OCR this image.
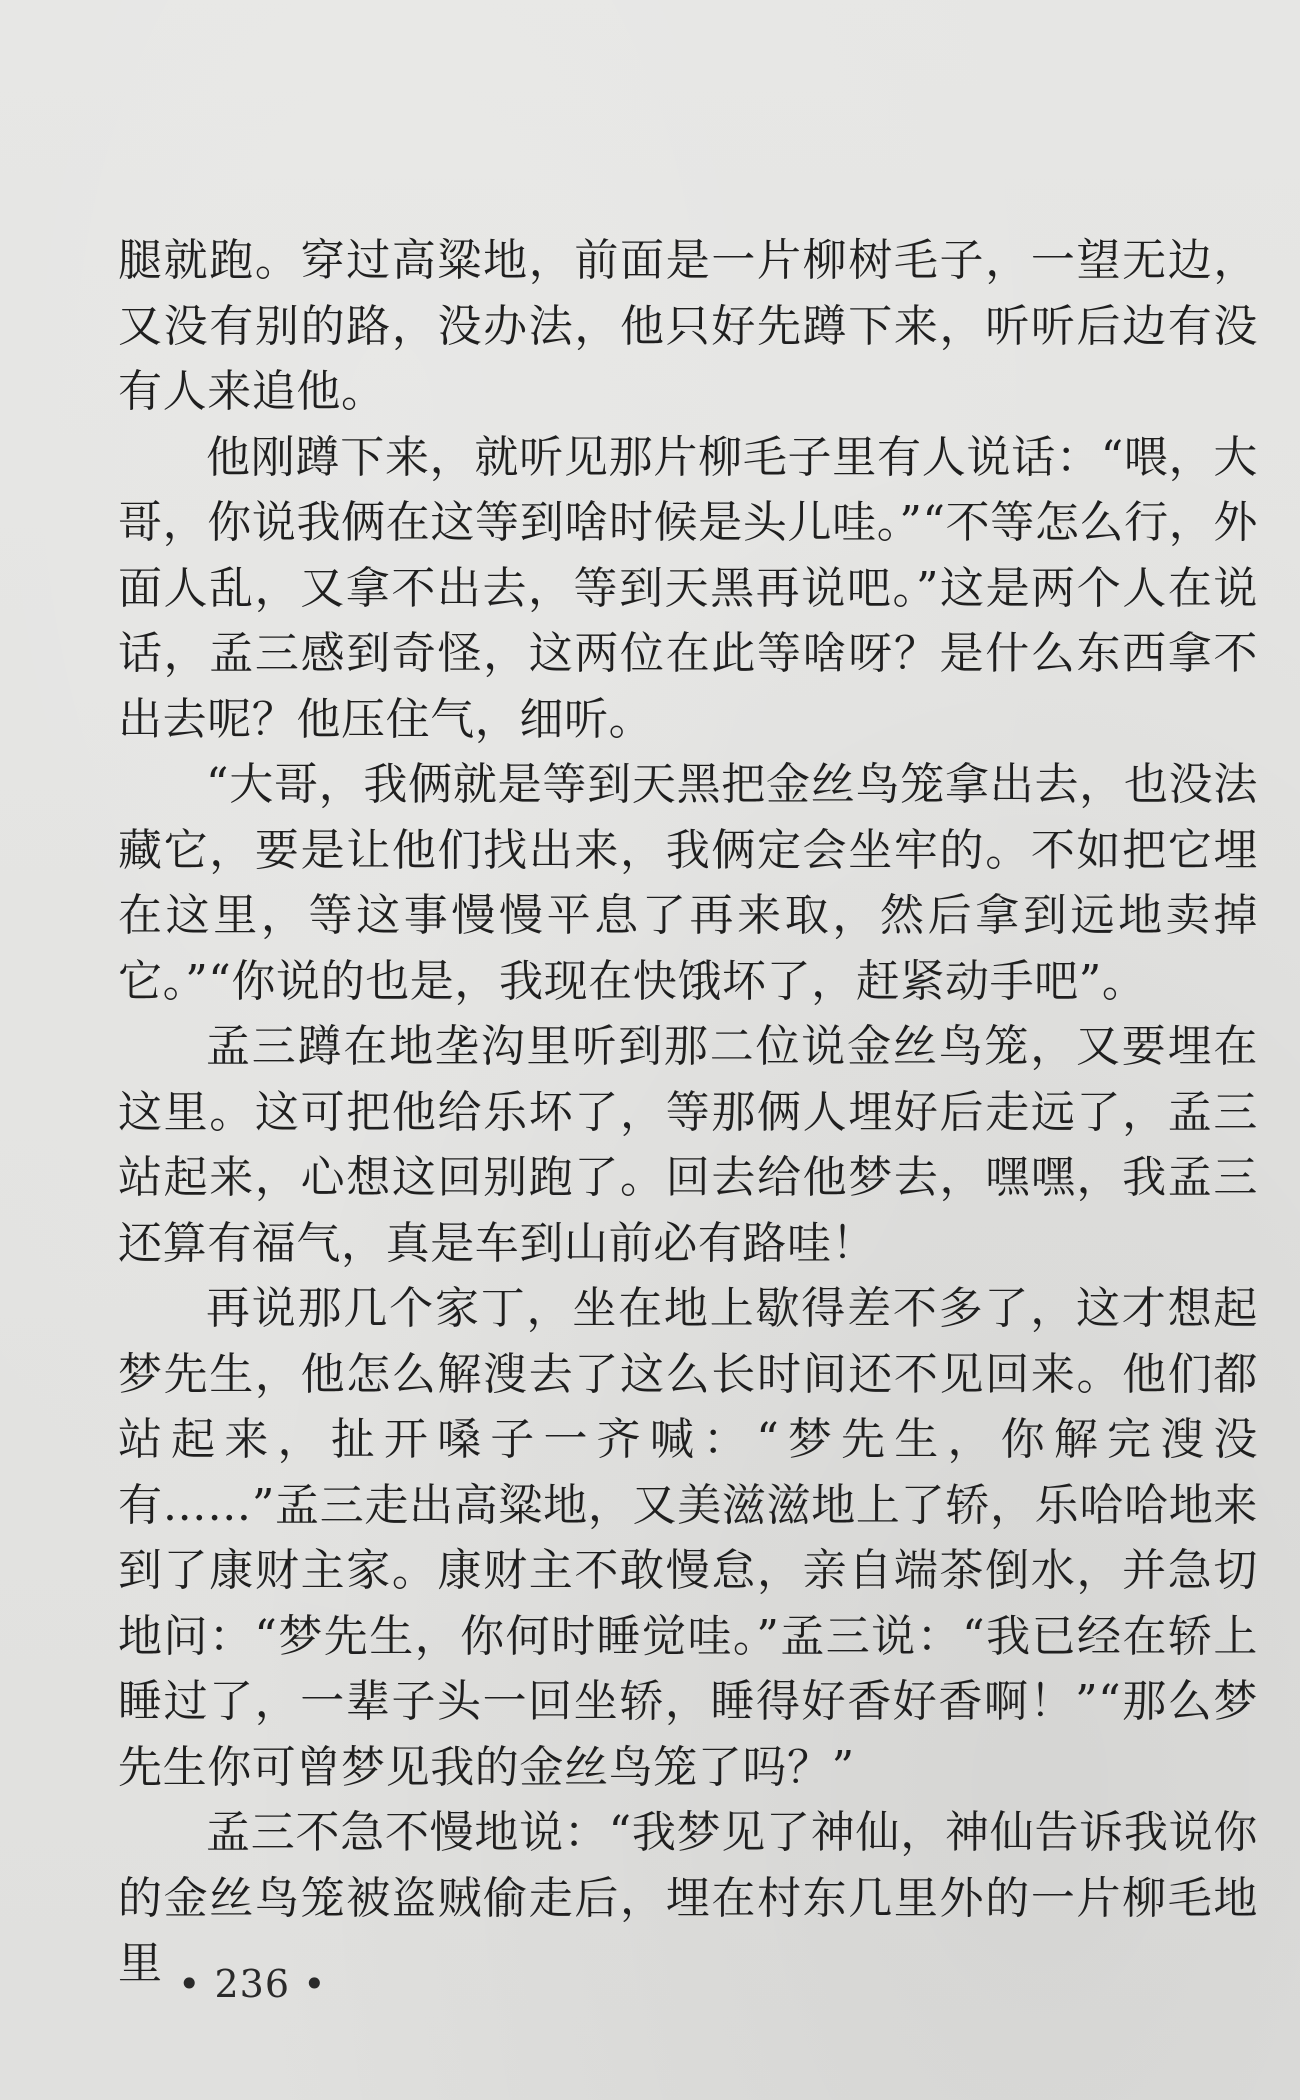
腿就跑。穿过高粱地，前面是一片柳树毛子，一望无边，又没有别的路，没办法，他只好先蹲下来，听听后边有没有人来追他。

他刚蹲下来，就听见那片柳毛子里有人说话：“喂，大哥，你说我俩在这等到啥时候是头儿哇。”“不等怎么行，外面人乱，又拿不出去，等到天黑再说吧。”这是两个人在说话，孟三感到奇怪，这两位在此等啥呀？是什么东西拿不出去呢？他压住气，细听。

“大哥，我俩就是等到天黑把金丝鸟笼拿出去，也没法藏它，要是让他们找出来，我俩定会坐牢的。不如把它埋在这里，等这事慢慢平息了再来取，然后拿到远地卖掉它。”“你说的也是，我现在快饿坏了，赶紧动手吧”。

孟三蹲在地垄沟里听到那二位说金丝鸟笼，又要埋在这里。这可把他给乐坏了，等那俩人埋好后走远了，孟三站起来，心想这回别跑了。回去给他梦去，嘿嘿，我孟三还算有福气，真是车到山前必有路哇！

再说那几个家丁，坐在地上歇得差不多了，这才想起梦先生，他怎么解溲去了这么长时间还不见回来。他们都站起来，扯开嗓子一齐喊：“梦先生，你解完溲没有……”孟三走出高粱地，又美滋滋地上了轿，乐哈哈地来到了康财主家。康财主不敢慢怠，亲自端茶倒水，并急切地问：“梦先生，你何时睡觉哇。”孟三说：“我已经在轿上睡过了，一辈子头一回坐轿，睡得好香好香啊！”“那么梦先生你可曾梦见我的金丝鸟笼了吗？”

孟三不急不慢地说：“我梦见了神仙，神仙告诉我说你的金丝鸟笼被盗贼偷走后，埋在村东几里外的一片柳毛地里 • 236 •
